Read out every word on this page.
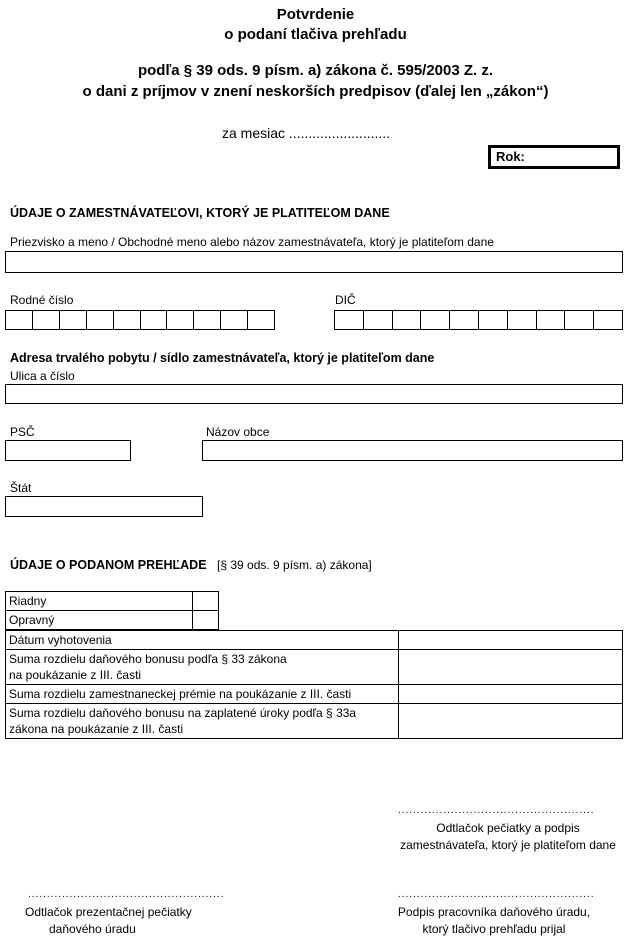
Potvrdenie
o podaní tlačiva prehľadu
podľa § 39 ods. 9 písm. a) zákona č. 595/2003 Z. z.
o dani z príjmov v znení neskorších predpisov (ďalej len „zákon“)
za mesiac ..........................
Rok:
ÚDAJE O ZAMESTNÁVATEĽOVI, KTORÝ JE PLATITEĽOM DANE
Priezvisko a meno / Obchodné meno alebo názov zamestnávateľa, ktorý je platiteľom dane
Rodné číslo	DIČ
Adresa trvalého pobytu / sídlo zamestnávateľa, ktorý je platiteľom dane
Ulica a číslo
PSČ	Názov obce
Štát
ÚDAJE O PODANOM PREHĽADE [§ 39 ods. 9 písm. a) zákona]
Riadny	
Opravný	
Dátum vyhotovenia	
Suma rozdielu daňového bonusu podľa § 33 zákona
na poukázanie z III. časti	
Suma rozdielu zamestnaneckej prémie na poukázanie z III. časti	
Suma rozdielu daňového bonusu na zaplatené úroky podľa § 33a
zákona na poukázanie z III. časti	
....................................................
Odtlačok pečiatky a podpis
zamestnávateľa, ktorý je platiteľom dane
....................................................
Odtlačok prezentačnej pečiatky
daňového úradu
....................................................
Podpis pracovníka daňového úradu,
ktorý tlačivo prehľadu prijal
